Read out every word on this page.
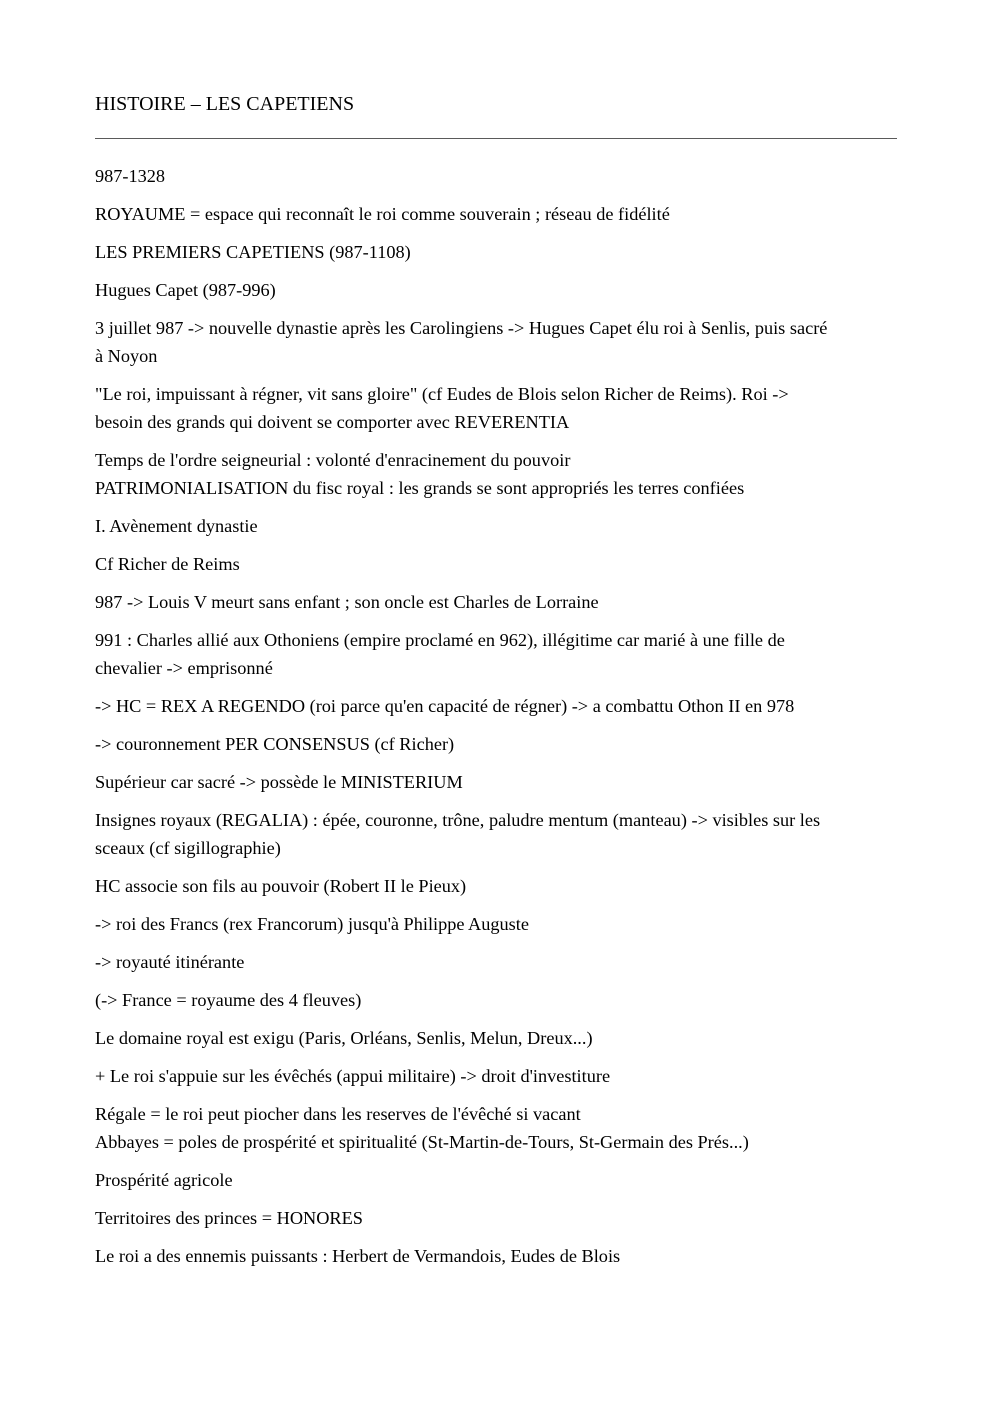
HISTOIRE – LES CAPETIENS

987-1328

ROYAUME = espace qui reconnaît le roi comme souverain ; réseau de fidélité

LES PREMIERS CAPETIENS (987-1108)

Hugues Capet (987-996)

3 juillet 987 -> nouvelle dynastie après les Carolingiens -> Hugues Capet élu roi à Senlis, puis sacré
à Noyon

"Le roi, impuissant à régner, vit sans gloire" (cf Eudes de Blois selon Richer de Reims). Roi ->
besoin des grands qui doivent se comporter avec REVERENTIA

Temps de l'ordre seigneurial : volonté d'enracinement du pouvoir
PATRIMONIALISATION du fisc royal : les grands se sont appropriés les terres confiées

I. Avènement dynastie

Cf Richer de Reims

987 -> Louis V meurt sans enfant ; son oncle est Charles de Lorraine

991 : Charles allié aux Othoniens (empire proclamé en 962), illégitime car marié à une fille de
chevalier -> emprisonné

-> HC = REX A REGENDO (roi parce qu'en capacité de régner) -> a combattu Othon II en 978

-> couronnement PER CONSENSUS (cf Richer)

Supérieur car sacré -> possède le MINISTERIUM

Insignes royaux (REGALIA) : épée, couronne, trône, paludre mentum (manteau) -> visibles sur les
sceaux (cf sigillographie)

HC associe son fils au pouvoir (Robert II le Pieux)

-> roi des Francs (rex Francorum) jusqu'à Philippe Auguste

-> royauté itinérante

(-> France = royaume des 4 fleuves)

Le domaine royal est exigu (Paris, Orléans, Senlis, Melun, Dreux...)

+ Le roi s'appuie sur les évêchés (appui militaire) -> droit d'investiture

Régale = le roi peut piocher dans les reserves de l'évêché si vacant
Abbayes = poles de prospérité et spiritualité (St-Martin-de-Tours, St-Germain des Prés...)

Prospérité agricole

Territoires des princes = HONORES

Le roi a des ennemis puissants : Herbert de Vermandois, Eudes de Blois
